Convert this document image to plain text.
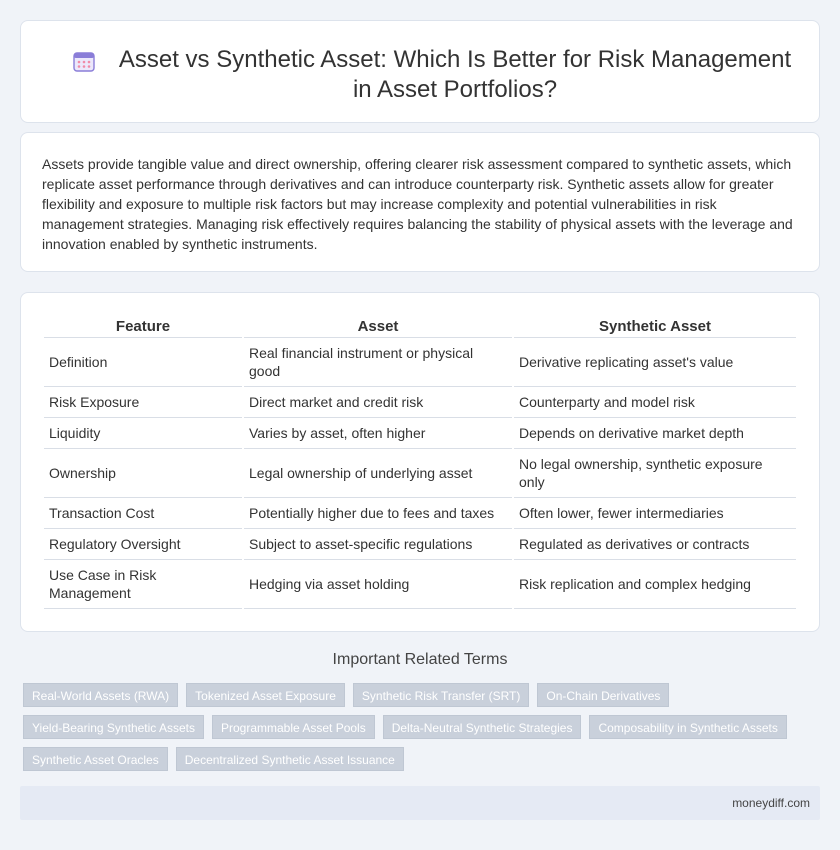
Asset vs Synthetic Asset: Which Is Better for Risk Management in Asset Portfolios?

Assets provide tangible value and direct ownership, offering clearer risk assessment compared to synthetic assets, which replicate asset performance through derivatives and can introduce counterparty risk. Synthetic assets allow for greater flexibility and exposure to multiple risk factors but may increase complexity and potential vulnerabilities in risk management strategies. Managing risk effectively requires balancing the stability of physical assets with the leverage and innovation enabled by synthetic instruments.

Feature	Asset	Synthetic Asset
Definition	Real financial instrument or physical good	Derivative replicating asset's value
Risk Exposure	Direct market and credit risk	Counterparty and model risk
Liquidity	Varies by asset, often higher	Depends on derivative market depth
Ownership	Legal ownership of underlying asset	No legal ownership, synthetic exposure only
Transaction Cost	Potentially higher due to fees and taxes	Often lower, fewer intermediaries
Regulatory Oversight	Subject to asset-specific regulations	Regulated as derivatives or contracts
Use Case in Risk Management	Hedging via asset holding	Risk replication and complex hedging
Important Related Terms
Real-World Assets (RWA)	Tokenized Asset Exposure	Synthetic Risk Transfer (SRT)	On-Chain Derivatives
Yield-Bearing Synthetic Assets	Programmable Asset Pools	Delta-Neutral Synthetic Strategies	Composability in Synthetic Assets
Synthetic Asset Oracles	Decentralized Synthetic Asset Issuance
moneydiff.com
